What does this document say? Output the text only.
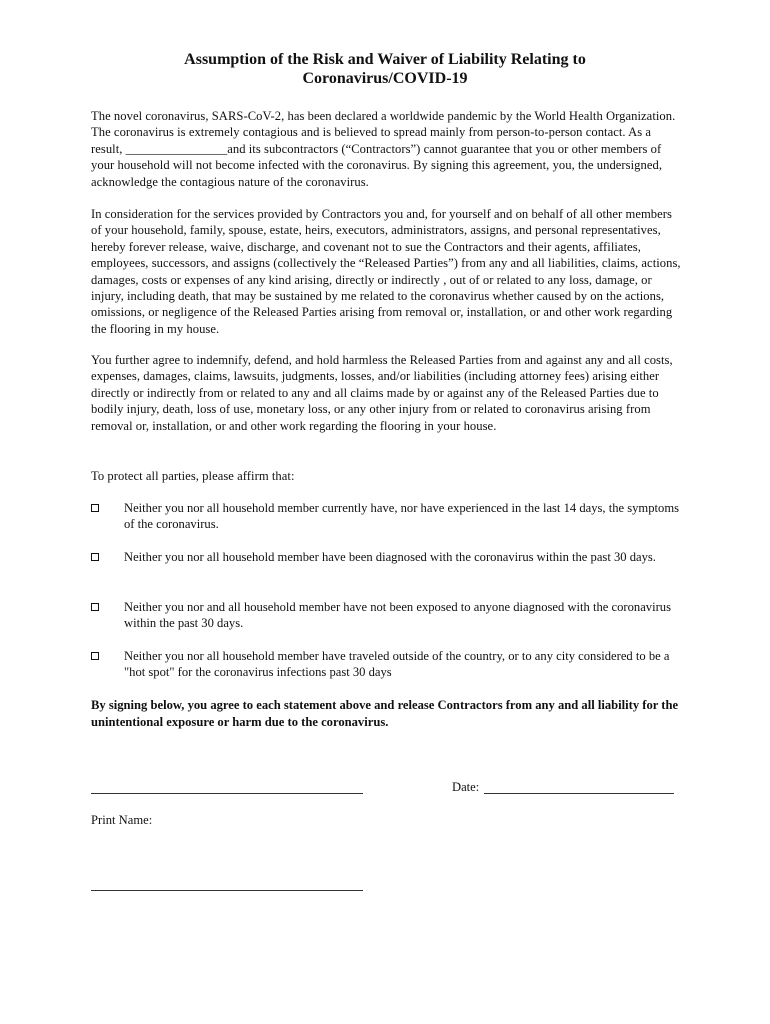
Assumption of the Risk and Waiver of Liability Relating to
Coronavirus/COVID-19

The novel coronavirus, SARS-CoV-2, has been declared a worldwide pandemic by the World Health Organization. The coronavirus is extremely contagious and is believed to spread mainly from person-to-person contact. As a result, ________________and its subcontractors (“Contractors”) cannot guarantee that you or other members of your household will not become infected with the coronavirus. By signing this agreement, you, the undersigned, acknowledge the contagious nature of the coronavirus.

In consideration for the services provided by Contractors you and, for yourself and on behalf of all other members of your household, family, spouse, estate, heirs, executors, administrators, assigns, and personal representatives, hereby forever release, waive, discharge, and covenant not to sue the Contractors and their agents, affiliates, employees, successors, and assigns (collectively the “Released Parties”) from any and all liabilities, claims, actions, damages, costs or expenses of any kind arising, directly or indirectly , out of or related to any loss, damage, or injury, including death, that may be sustained by me related to the coronavirus whether caused by on the actions, omissions, or negligence of the Released Parties arising from removal or, installation, or and other work regarding the flooring in my house.

You further agree to indemnify, defend, and hold harmless the Released Parties from and against any and all costs, expenses, damages, claims, lawsuits, judgments, losses, and/or liabilities (including attorney fees) arising either directly or indirectly from or related to any and all claims made by or against any of the Released Parties due to bodily injury, death, loss of use, monetary loss, or any other injury from or related to coronavirus arising from removal or, installation, or and other work regarding the flooring in your house.

To protect all parties, please affirm that:

Neither you nor all household member currently have, nor have experienced in the last 14 days, the symptoms of the coronavirus.
Neither you nor all household member have been diagnosed with the coronavirus within the past 30 days.
Neither you nor and all household member have not been exposed to anyone diagnosed with the coronavirus within the past 30 days.
Neither you nor all household member have traveled outside of the country, or to any city considered to be a "hot spot" for the coronavirus infections past 30 days

By signing below, you agree to each statement above and release Contractors from any and all liability for the unintentional exposure or harm due to the coronavirus.

Date:
Print Name:
